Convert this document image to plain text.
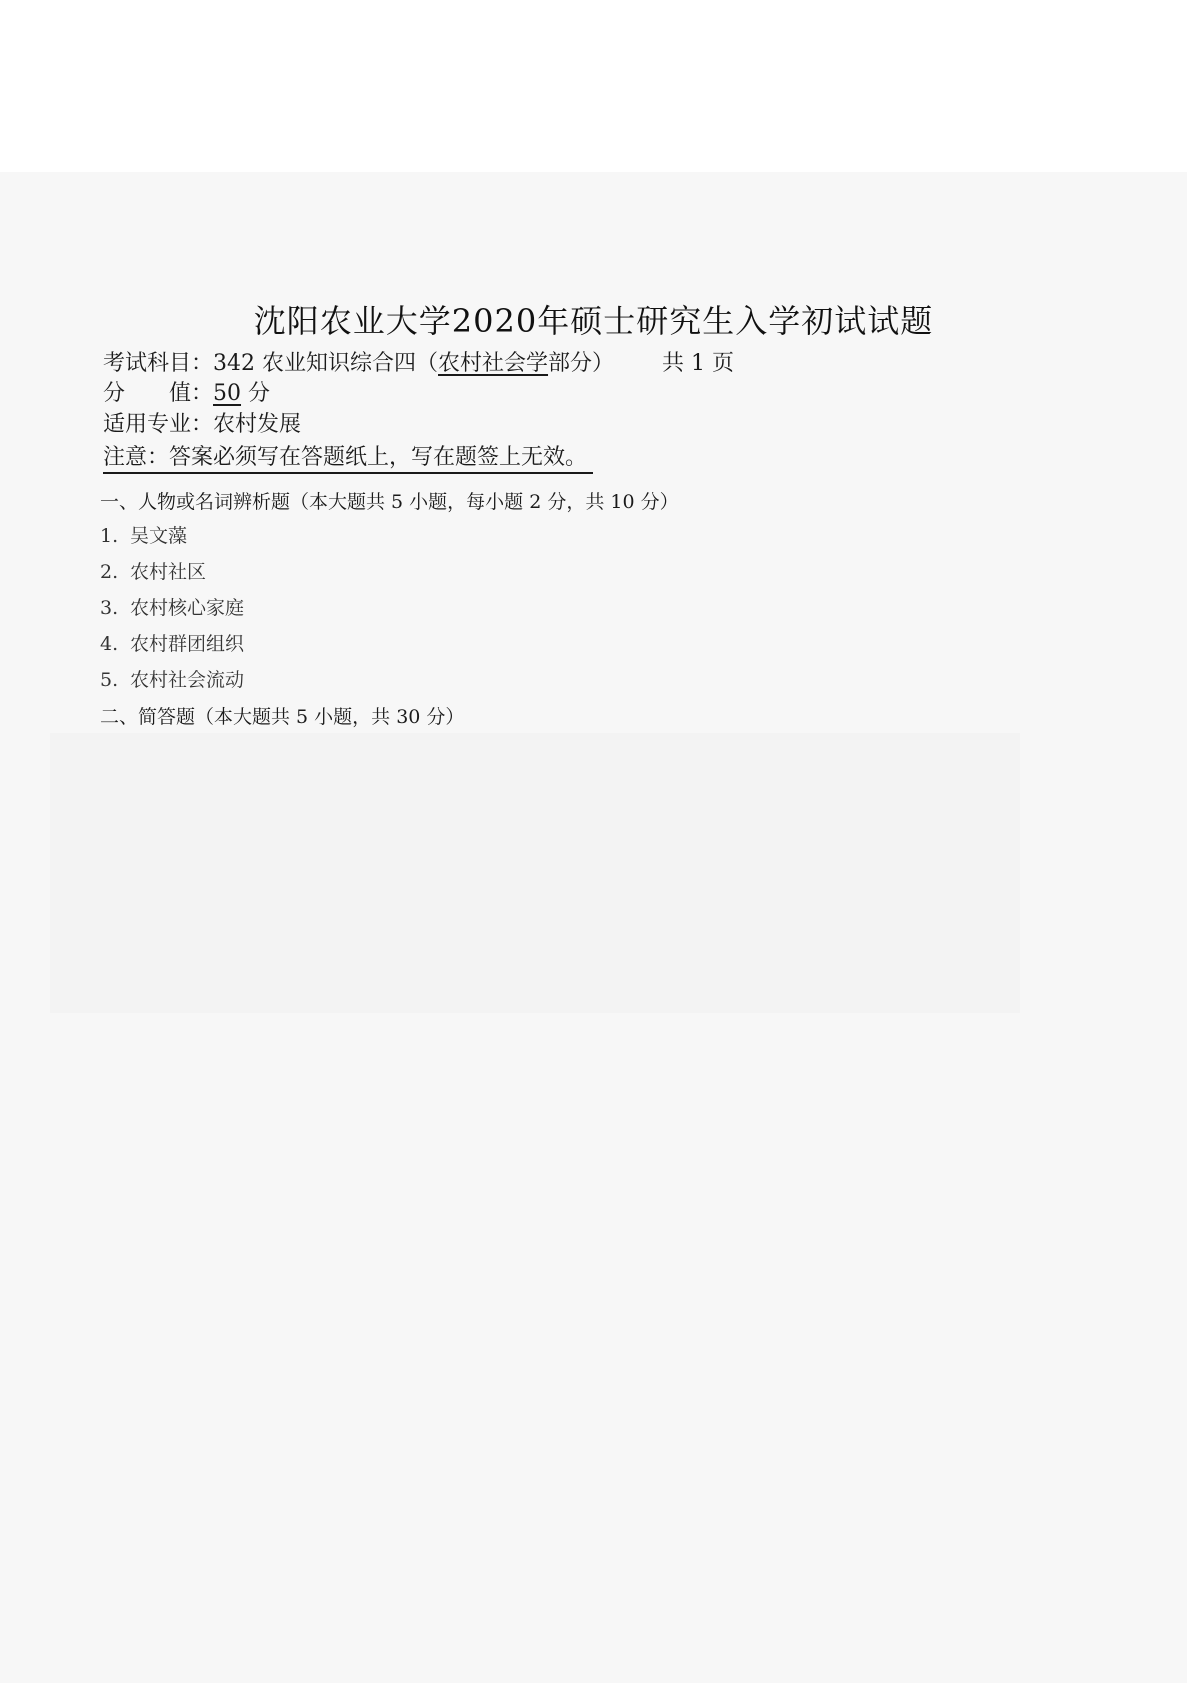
沈阳农业大学2020年硕士研究生入学初试试题
考试科目：342 农业知识综合四（农村社会学部分） 共 1 页
分　　值：50 分
适用专业：农村发展
注意：答案必须写在答题纸上，写在题签上无效。
一、人物或名词辨析题（本大题共 5 小题，每小题 2 分，共 10 分）
1. 吴文藻
2. 农村社区
3. 农村核心家庭
4. 农村群团组织
5. 农村社会流动
二、简答题（本大题共 5 小题，共 30 分）
